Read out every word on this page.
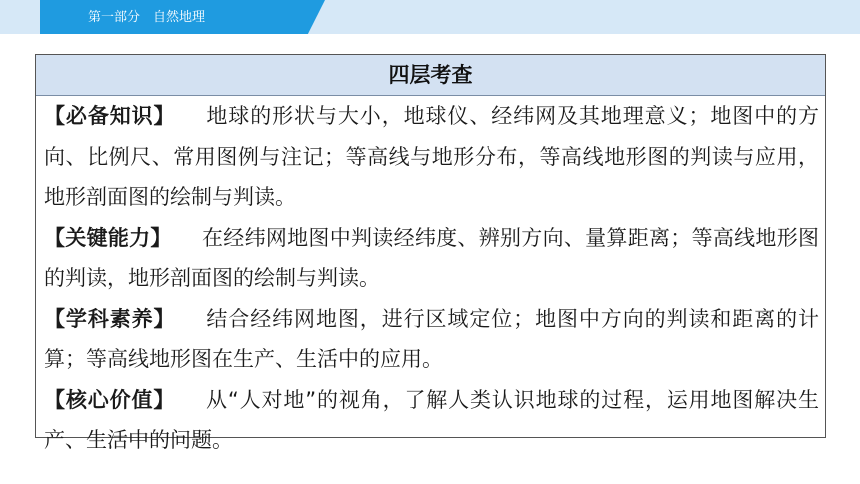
第一部分　自然地理
四层考查
【必备知识】 地球的形状与大小，地球仪、经纬网及其地理意义；地图中的方向、比例尺、常用图例与注记；等高线与地形分布，等高线地形图的判读与应用，地形剖面图的绘制与判读。
【关键能力】 在经纬网地图中判读经纬度、辨别方向、量算距离；等高线地形图的判读，地形剖面图的绘制与判读。
【学科素养】 结合经纬网地图，进行区域定位；地图中方向的判读和距离的计算；等高线地形图在生产、生活中的应用。
【核心价值】 从“人对地”的视角，了解人类认识地球的过程，运用地图解决生产、生活中的问题。
